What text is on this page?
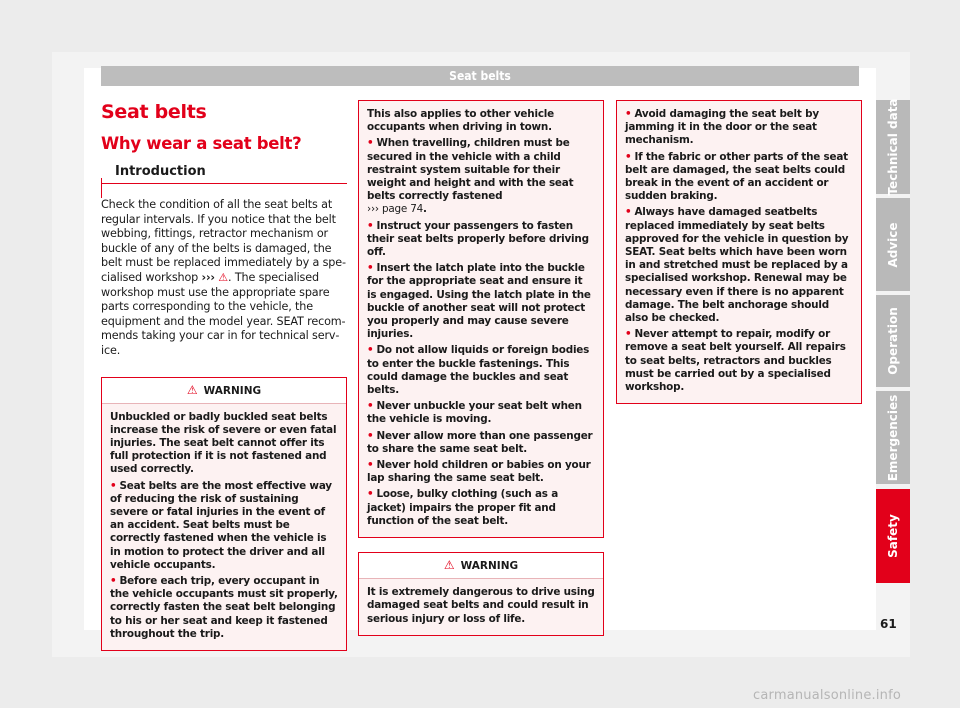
Seat belts
Seat belts
Why wear a seat belt?
Introduction
Check the condition of all the seat belts at regular intervals. If you notice that the belt webbing, fittings, retractor mechanism or buckle of any of the belts is damaged, the belt must be replaced immediately by a specialised workshop ››› ⚠. The specialised workshop must use the appropriate spare parts corresponding to the vehicle, the equipment and the model year. SEAT recommends taking your car in for technical service.
⚠ WARNING

Unbuckled or badly buckled seat belts increase the risk of severe or even fatal injuries. The seat belt cannot offer its full protection if it is not fastened and used correctly.

• Seat belts are the most effective way of reducing the risk of sustaining severe or fatal injuries in the event of an accident. Seat belts must be correctly fastened when the vehicle is in motion to protect the driver and all vehicle occupants.

• Before each trip, every occupant in the vehicle occupants must sit properly, correctly fasten the seat belt belonging to his or her seat and keep it fastened throughout the trip.

This also applies to other vehicle occupants when driving in town.

• When travelling, children must be secured in the vehicle with a child restraint system suitable for their weight and height and with the seat belts correctly fastened
››› page 74.

• Instruct your passengers to fasten their seat belts properly before driving off.

• Insert the latch plate into the buckle for the appropriate seat and ensure it is engaged. Using the latch plate in the buckle of another seat will not protect you properly and may cause severe injuries.

• Do not allow liquids or foreign bodies to enter the buckle fastenings. This could damage the buckles and seat belts.

• Never unbuckle your seat belt when the vehicle is moving.

• Never allow more than one passenger to share the same seat belt.

• Never hold children or babies on your lap sharing the same seat belt.

• Loose, bulky clothing (such as a jacket) impairs the proper fit and function of the seat belt.

⚠ WARNING

It is extremely dangerous to drive using damaged seat belts and could result in serious injury or loss of life.

• Avoid damaging the seat belt by jamming it in the door or the seat mechanism.

• If the fabric or other parts of the seat belt are damaged, the seat belts could break in the event of an accident or sudden braking.

• Always have damaged seatbelts replaced immediately by seat belts approved for the vehicle in question by SEAT. Seat belts which have been worn in and stretched must be replaced by a specialised workshop. Renewal may be necessary even if there is no apparent damage. The belt anchorage should also be checked.

• Never attempt to repair, modify or remove a seat belt yourself. All repairs to seat belts, retractors and buckles must be carried out by a specialised workshop.

Technical data
Advice
Operation
Emergencies
Safety
61
carmanualsonline.info
